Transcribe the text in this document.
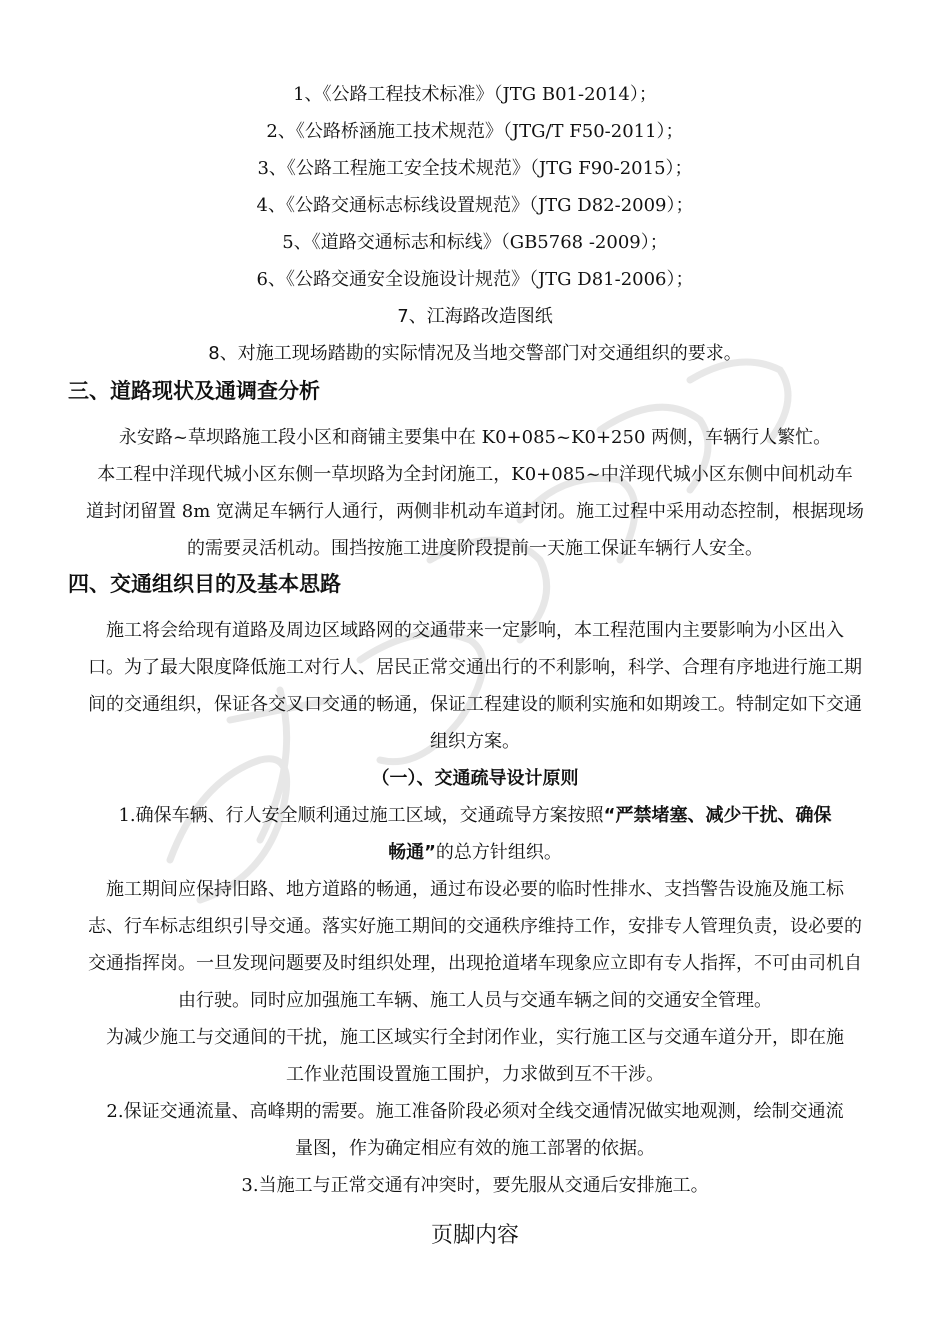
1、《公路工程技术标准》（JTG B01-2014）；
2、《公路桥涵施工技术规范》（JTG/T F50-2011）；
3、《公路工程施工安全技术规范》（JTG F90-2015）；
4、《公路交通标志标线设置规范》（JTG D82-2009）；
5、《道路交通标志和标线》（GB5768 -2009）；
6、《公路交通安全设施设计规范》（JTG D81-2006）；
7、江海路改造图纸
8、对施工现场踏勘的实际情况及当地交警部门对交通组织的要求。
三、道路现状及通调查分析
永安路~草坝路施工段小区和商铺主要集中在 K0+085~K0+250 两侧，车辆行人繁忙。
本工程中洋现代城小区东侧一草坝路为全封闭施工，K0+085~中洋现代城小区东侧中间机动车
道封闭留置 8m 宽满足车辆行人通行，两侧非机动车道封闭。施工过程中采用动态控制，根据现场
的需要灵活机动。围挡按施工进度阶段提前一天施工保证车辆行人安全。
四、交通组织目的及基本思路
施工将会给现有道路及周边区域路网的交通带来一定影响，本工程范围内主要影响为小区出入
口。为了最大限度降低施工对行人、居民正常交通出行的不利影响，科学、合理有序地进行施工期
间的交通组织，保证各交叉口交通的畅通，保证工程建设的顺利实施和如期竣工。特制定如下交通
组织方案。
（一）、交通疏导设计原则
1.确保车辆、行人安全顺利通过施工区域，交通疏导方案按照“严禁堵塞、减少干扰、确保
畅通”的总方针组织。
施工期间应保持旧路、地方道路的畅通，通过布设必要的临时性排水、支挡警告设施及施工标
志、行车标志组织引导交通。落实好施工期间的交通秩序维持工作，安排专人管理负责，设必要的
交通指挥岗。一旦发现问题要及时组织处理，出现抢道堵车现象应立即有专人指挥，不可由司机自
由行驶。同时应加强施工车辆、施工人员与交通车辆之间的交通安全管理。
为减少施工与交通间的干扰，施工区域实行全封闭作业，实行施工区与交通车道分开，即在施
工作业范围设置施工围护，力求做到互不干涉。
2.保证交通流量、高峰期的需要。施工准备阶段必须对全线交通情况做实地观测，绘制交通流
量图，作为确定相应有效的施工部署的依据。
3.当施工与正常交通有冲突时，要先服从交通后安排施工。
页脚内容
